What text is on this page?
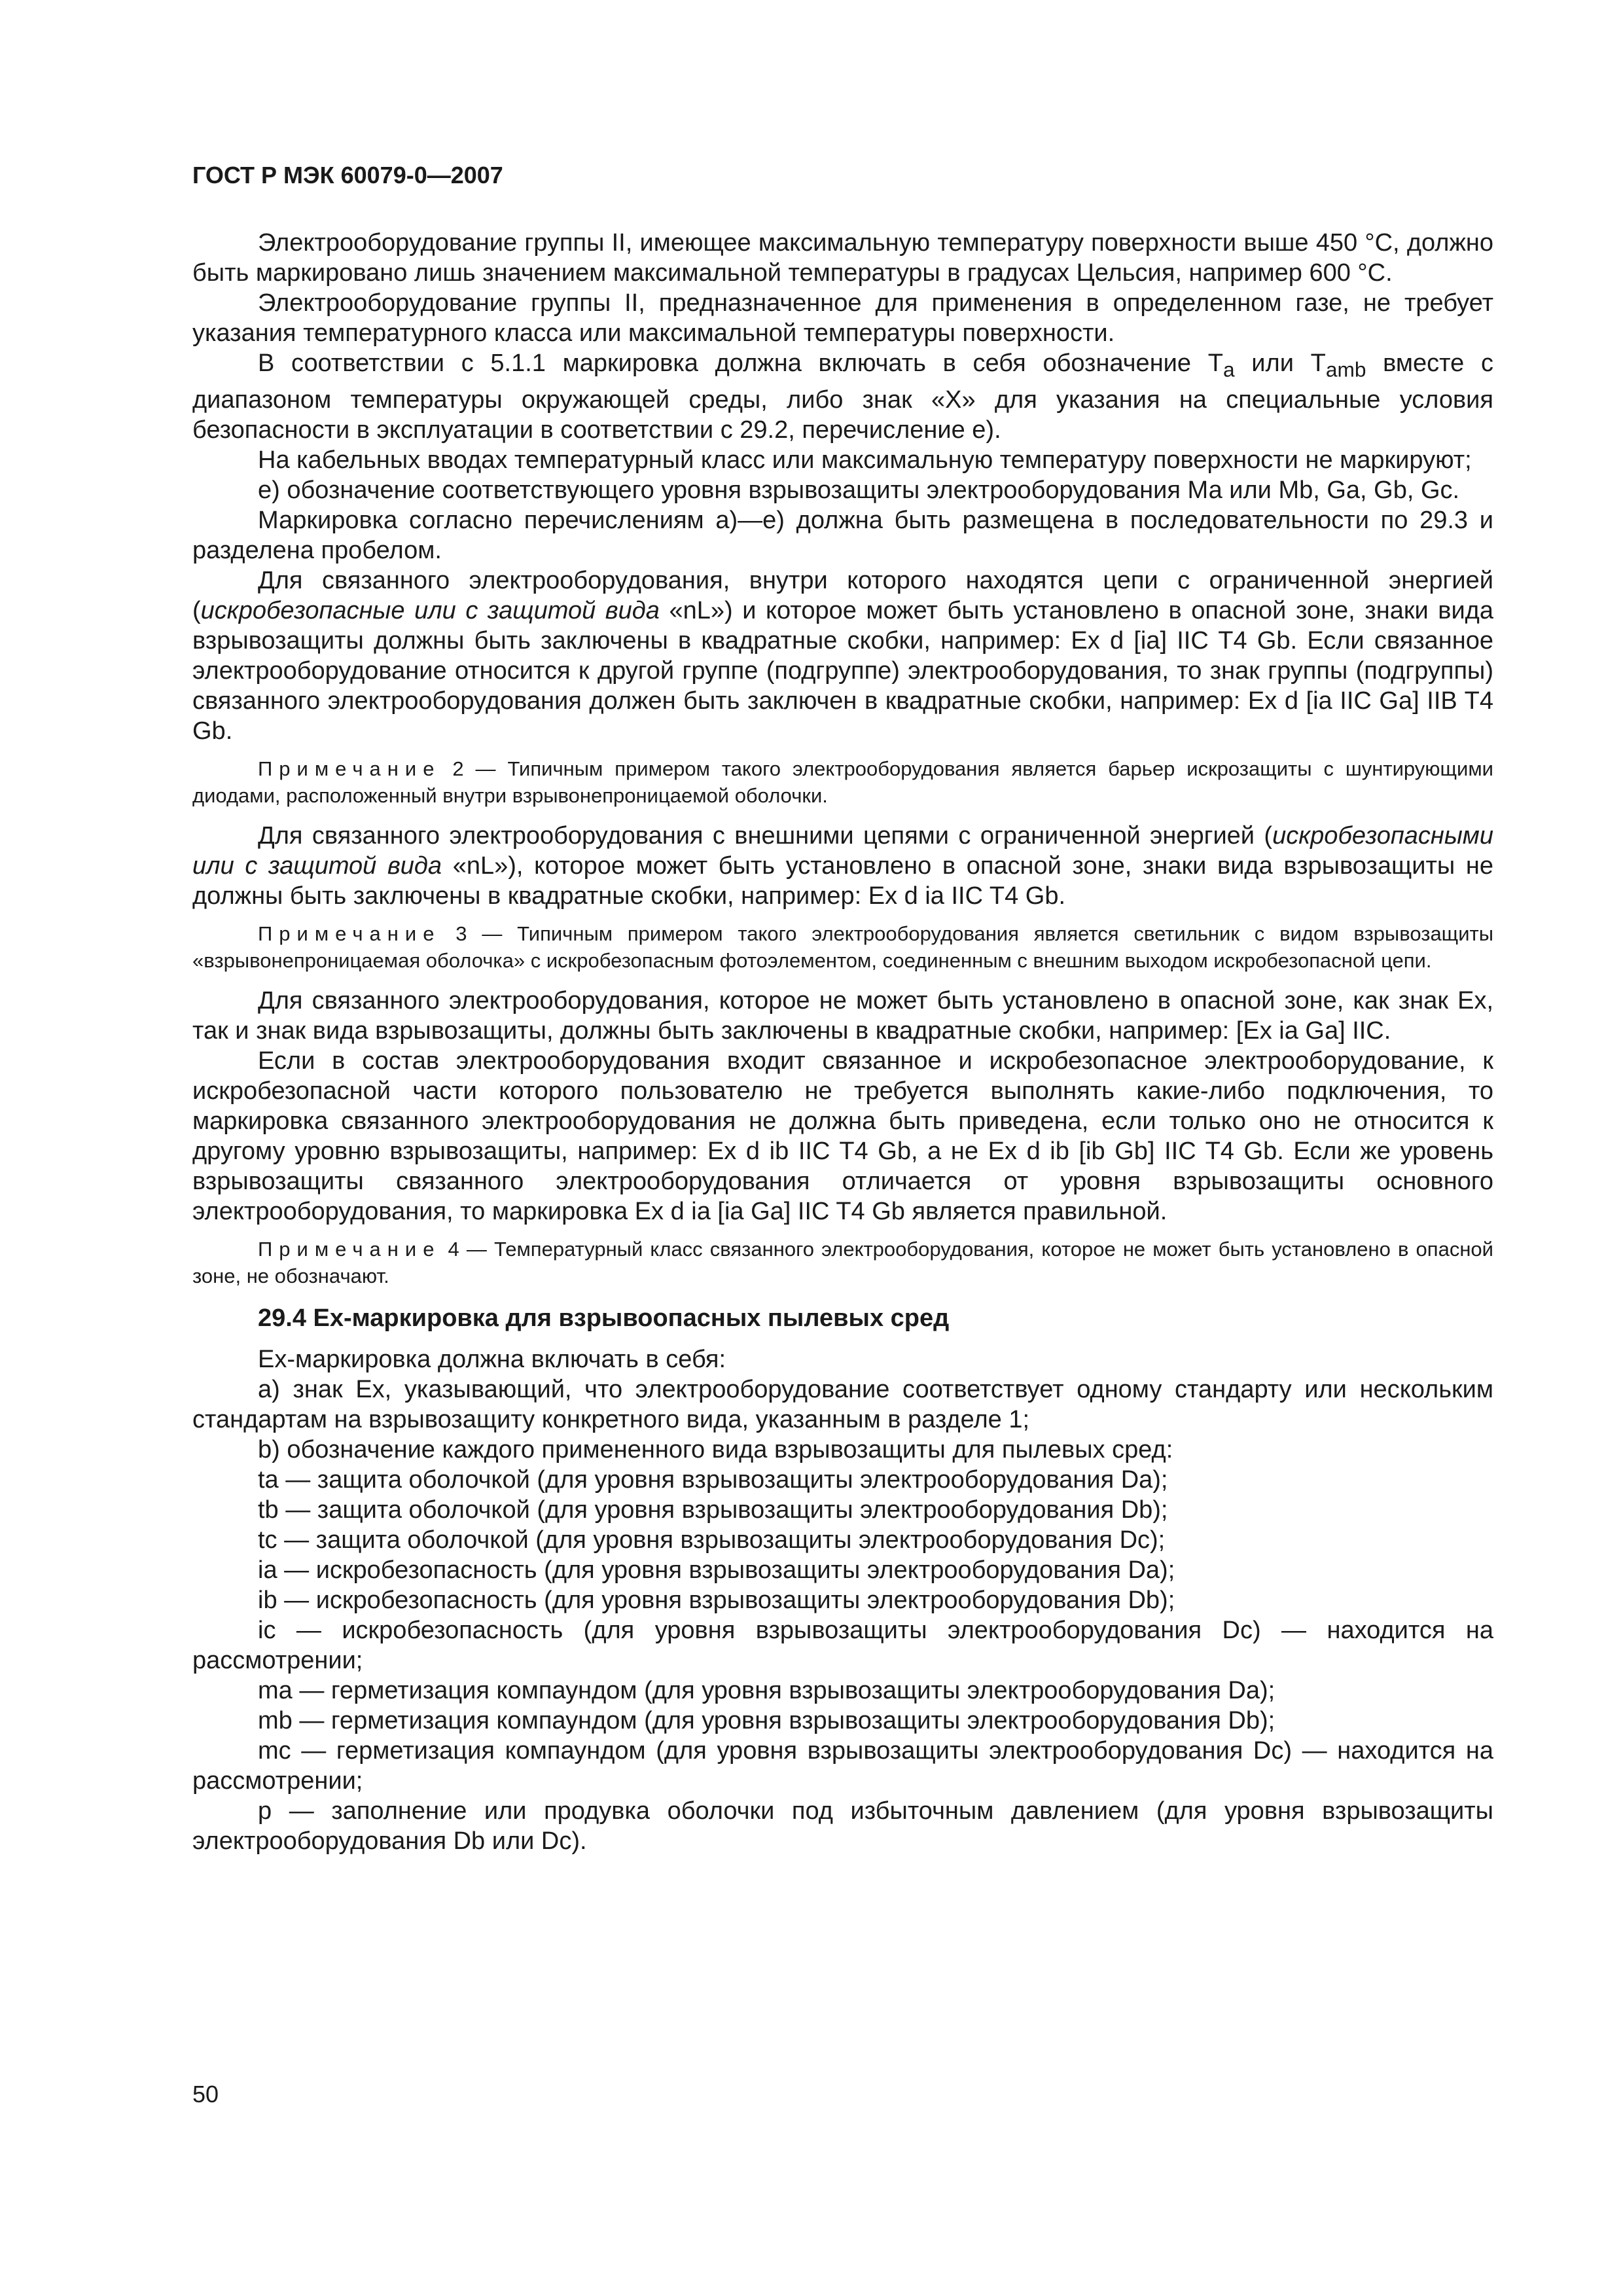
ГОСТ Р МЭК 60079-0—2007

Электрооборудование группы II, имеющее максимальную температуру поверхности выше 450 °С, должно быть маркировано лишь значением максимальной температуры в градусах Цельсия, например 600 °С.

Электрооборудование группы II, предназначенное для применения в определенном газе, не требует указания температурного класса или максимальной температуры поверхности.

В соответствии с 5.1.1 маркировка должна включать в себя обозначение $T_a$ или $T_{amb}$ вместе с диапазоном температуры окружающей среды, либо знак «Х» для указания на специальные условия безопасности в эксплуатации в соответствии с 29.2, перечисление е).

На кабельных вводах температурный класс или максимальную температуру поверхности не маркируют;

е) обозначение соответствующего уровня взрывозащиты электрооборудования Ма или Mb, Ga, Gb, Gc.

Маркировка согласно перечислениям а)—е) должна быть размещена в последовательности по 29.3 и разделена пробелом.

Для связанного электрооборудования, внутри которого находятся цепи с ограниченной энергией (искробезопасные или с защитой вида «nL») и которое может быть установлено в опасной зоне, знаки вида взрывозащиты должны быть заключены в квадратные скобки, например: Ex d [ia] IIC T4 Gb. Если связанное электрооборудование относится к другой группе (подгруппе) электрооборудования, то знак группы (подгруппы) связанного электрооборудования должен быть заключен в квадратные скобки, например: Ex d [ia IIC Ga] IIB T4 Gb.

Примечание 2 — Типичным примером такого электрооборудования является барьер искрозащиты с шунтирующими диодами, расположенный внутри взрывонепроницаемой оболочки.

Для связанного электрооборудования с внешними цепями с ограниченной энергией (искробезопасными или с защитой вида «nL»), которое может быть установлено в опасной зоне, знаки вида взрывозащиты не должны быть заключены в квадратные скобки, например: Ex d ia IIC T4 Gb.

Примечание 3 — Типичным примером такого электрооборудования является светильник с видом взрывозащиты «взрывонепроницаемая оболочка» с искробезопасным фотоэлементом, соединенным с внешним выходом искробезопасной цепи.

Для связанного электрооборудования, которое не может быть установлено в опасной зоне, как знак Ex, так и знак вида взрывозащиты, должны быть заключены в квадратные скобки, например: [Ex ia Ga] IIC.

Если в состав электрооборудования входит связанное и искробезопасное электрооборудование, к искробезопасной части которого пользователю не требуется выполнять какие-либо подключения, то маркировка связанного электрооборудования не должна быть приведена, если только оно не относится к другому уровню взрывозащиты, например: Ex d ib IIC T4 Gb, а не Ex d ib [ib Gb] IIC T4 Gb. Если же уровень взрывозащиты связанного электрооборудования отличается от уровня взрывозащиты основного электрооборудования, то маркировка Ex d ia [ia Ga] IIC T4 Gb является правильной.

Примечание 4 — Температурный класс связанного электрооборудования, которое не может быть установлено в опасной зоне, не обозначают.

29.4 Ех-маркировка для взрывоопасных пылевых сред

Ех-маркировка должна включать в себя:

а) знак Ех, указывающий, что электрооборудование соответствует одному стандарту или нескольким стандартам на взрывозащиту конкретного вида, указанным в разделе 1;

b) обозначение каждого примененного вида взрывозащиты для пылевых сред:

ta — защита оболочкой (для уровня взрывозащиты электрооборудования Da);

tb — защита оболочкой (для уровня взрывозащиты электрооборудования Db);

tc — защита оболочкой (для уровня взрывозащиты электрооборудования Dc);

ia — искробезопасность (для уровня взрывозащиты электрооборудования Da);

ib — искробезопасность (для уровня взрывозащиты электрооборудования Db);

ic — искробезопасность (для уровня взрывозащиты электрооборудования Dc) — находится на рассмотрении;

ma — герметизация компаундом (для уровня взрывозащиты электрооборудования Da);

mb — герметизация компаундом (для уровня взрывозащиты электрооборудования Db);

mc — герметизация компаундом (для уровня взрывозащиты электрооборудования Dc) — находится на рассмотрении;

р — заполнение или продувка оболочки под избыточным давлением (для уровня взрывозащиты электрооборудования Db или Dc).

50
